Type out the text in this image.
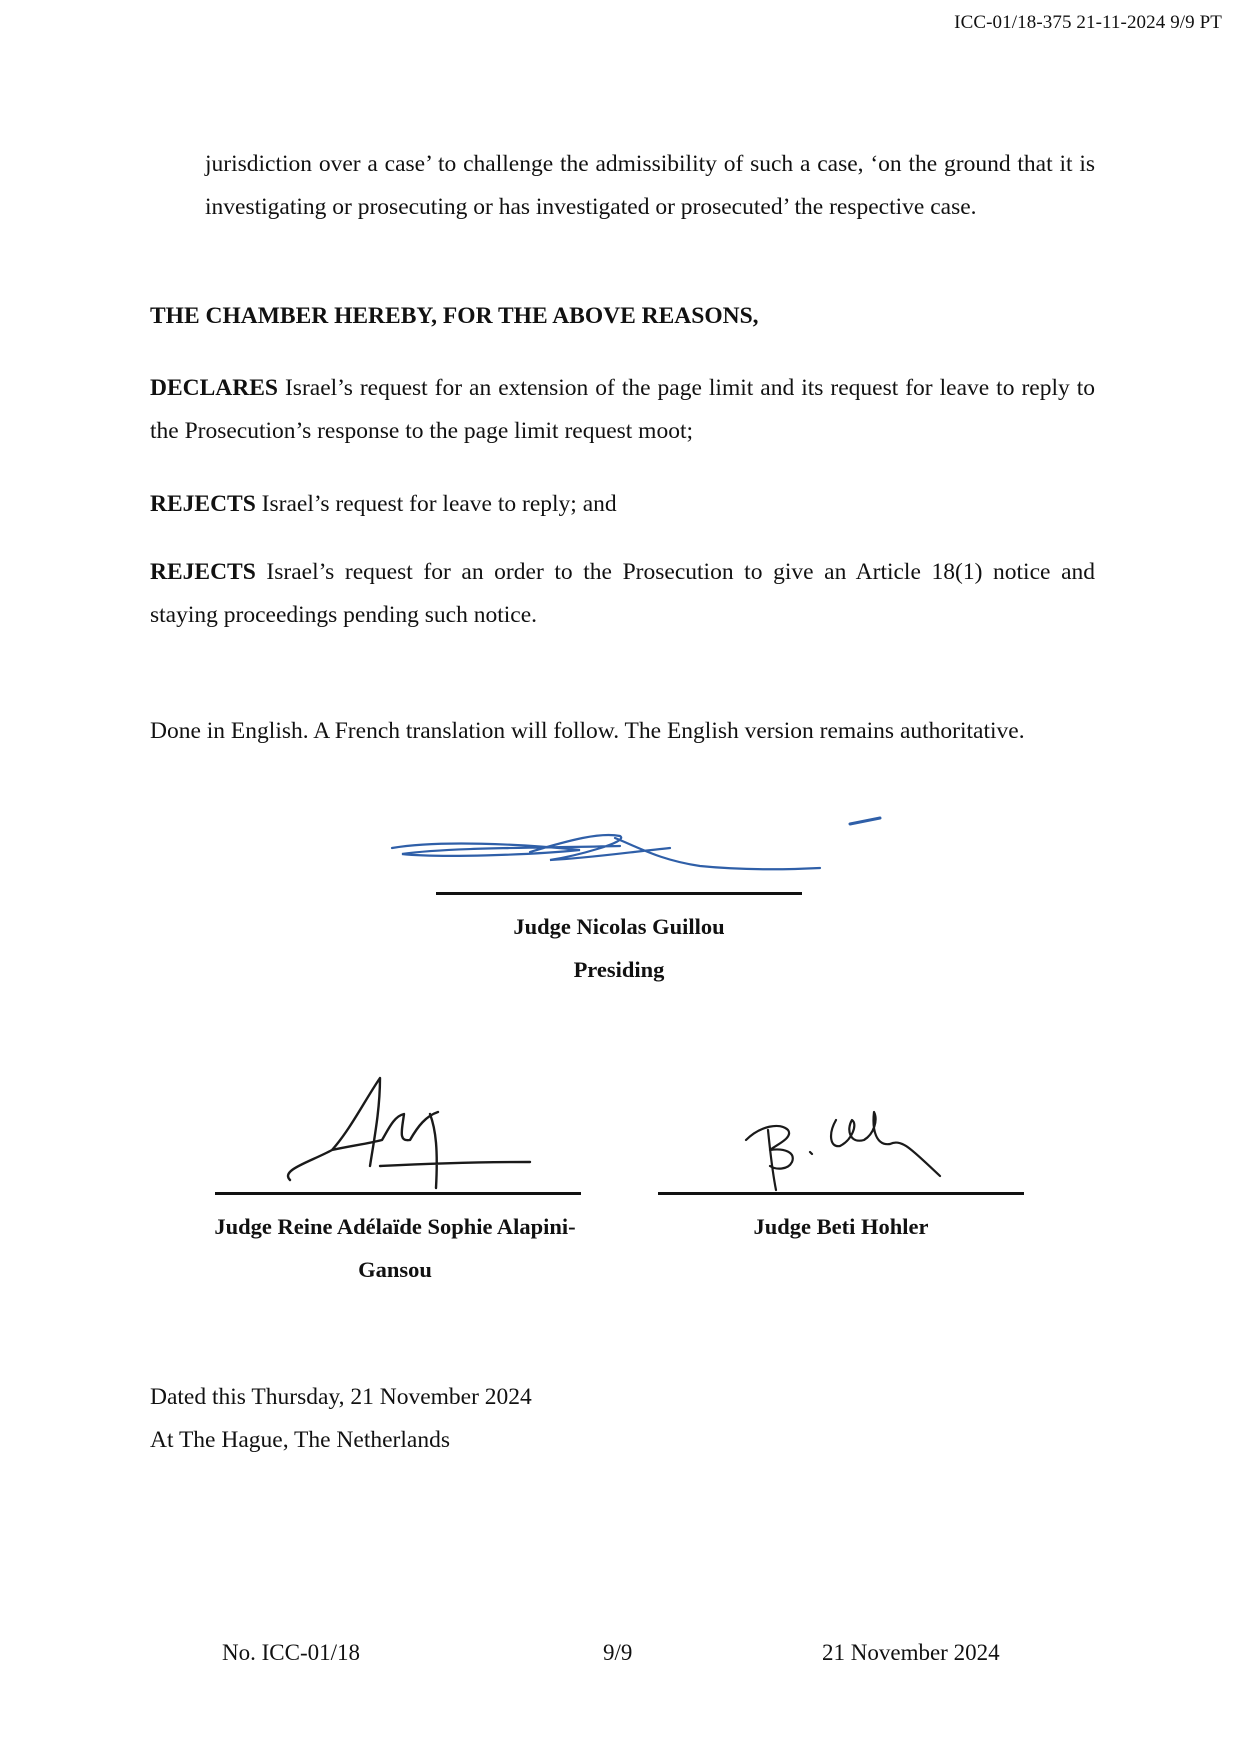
ICC-01/18-375 21-11-2024 9/9 PT
jurisdiction over a case’ to challenge the admissibility of such a case, ‘on the ground that it is investigating or prosecuting or has investigated or prosecuted’ the respective case.
THE CHAMBER HEREBY, FOR THE ABOVE REASONS,
DECLARES Israel’s request for an extension of the page limit and its request for leave to reply to the Prosecution’s response to the page limit request moot;
REJECTS Israel’s request for leave to reply; and
REJECTS Israel’s request for an order to the Prosecution to give an Article 18(1) notice and staying proceedings pending such notice.
Done in English. A French translation will follow. The English version remains authoritative.
Judge Nicolas Guillou
Presiding
Judge Reine Adélaïde Sophie Alapini-
Gansou
Judge Beti Hohler
Dated this Thursday, 21 November 2024
At The Hague, The Netherlands
No. ICC-01/18	9/9	21 November 2024
